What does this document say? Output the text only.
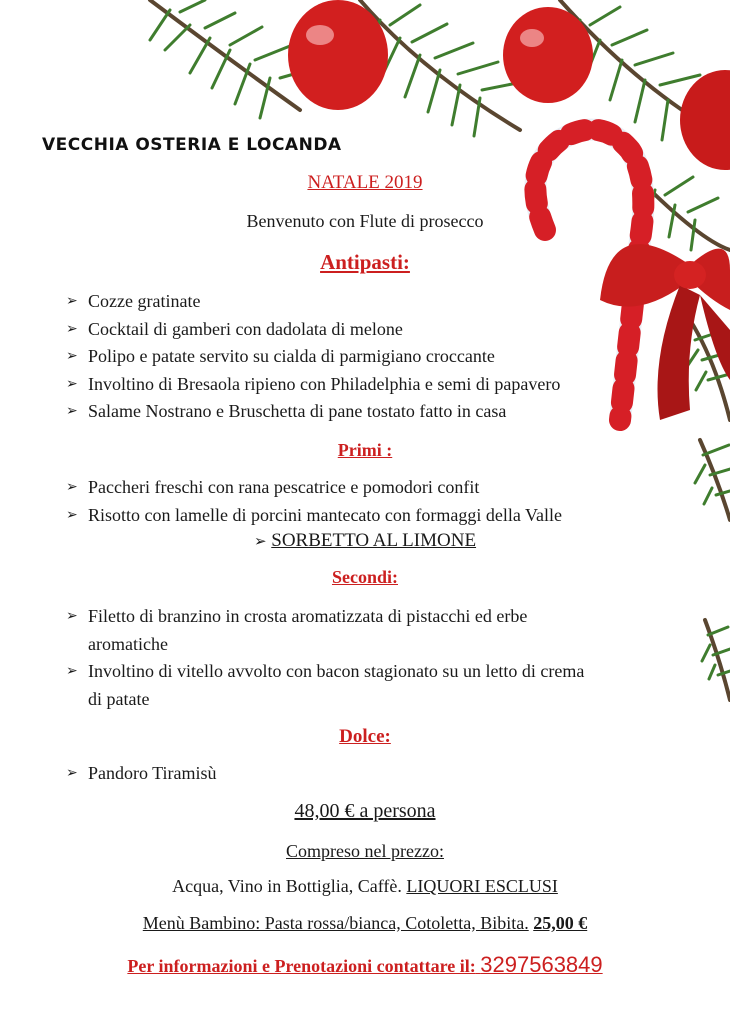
VECCHIA OSTERIA E LOCANDA
NATALE 2019
Benvenuto con Flute di prosecco
Antipasti:
➢ Cozze gratinate
➢ Cocktail di gamberi con dadolata di melone
➢ Polipo e patate servito su cialda di parmigiano croccante
➢ Involtino di Bresaola ripieno con Philadelphia e semi di papavero
➢ Salame Nostrano e Bruschetta di pane tostato fatto in casa
Primi :
➢ Paccheri freschi con rana pescatrice e pomodori confit
➢ Risotto con lamelle di porcini mantecato con formaggi della Valle
➢ SORBETTO AL LIMONE
Secondi:
➢ Filetto di branzino in crosta aromatizzata di pistacchi ed erbe
aromatiche
➢ Involtino di vitello avvolto con bacon stagionato su un letto di crema
di patate
Dolce:
➢ Pandoro Tiramisù
48,00 € a persona
Compreso nel prezzo:
Acqua, Vino in Bottiglia, Caffè. LIQUORI ESCLUSI
Menù Bambino: Pasta rossa/bianca, Cotoletta, Bibita. 25,00 €
Per informazioni e Prenotazioni contattare il: 3297563849
